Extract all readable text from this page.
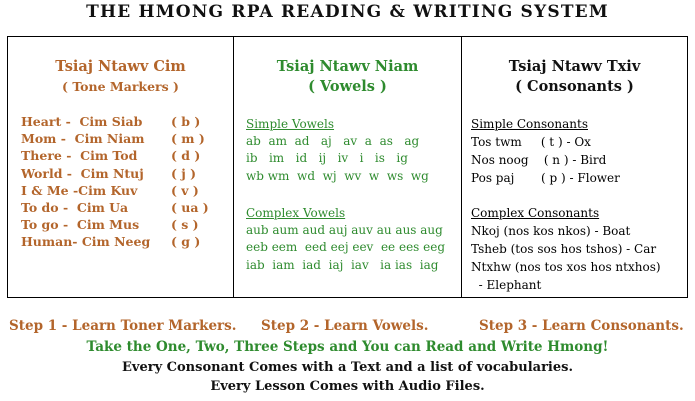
THE HMONG RPA READING & WRITING SYSTEM
Tsiaj Ntawv Cim
( Tone Markers )
Heart -  Cim Siab ( b )
Mom -  Cim Niam ( m )
There -  Cim Tod	( d )
World -  Cim Ntuj ( j )
I & Me -Cim Kuv	( v )
To do -  Cim Ua	( ua )
To go -  Cim Mus	( s )
Human- Cim Neeg ( g )
Tsiaj Ntawv Niam
( Vowels )
Simple Vowels
ab  am  ad   aj   av  a  as   ag
ib   im   id   ij   iv   i   is   ig
wb wm  wd  wj  wv  w  ws  wg
Complex Vowels
aub aum aud auj auv au aus aug
eeb eem  eed eej eev  ee ees eeg
iab  iam  iad  iaj  iav   ia ias  iag
Tsiaj Ntawv Txiv
( Consonants )
Simple Consonants
Tos twm     ( t ) - Ox
Nos noog    ( n ) - Bird
Pos paj       ( p ) - Flower
Complex Consonants
Nkoj (nos kos nkos) - Boat
Tsheb (tos sos hos tshos) - Car
Ntxhw (nos tos xos hos ntxhos)
- Elephant
Step 1 - Learn Toner Markers. Step 2 - Learn Vowels.	Step 3 - Learn Consonants.
Take the One, Two, Three Steps and You can Read and Write Hmong!
Every Consonant Comes with a Text and a list of vocabularies.
Every Lesson Comes with Audio Files.
